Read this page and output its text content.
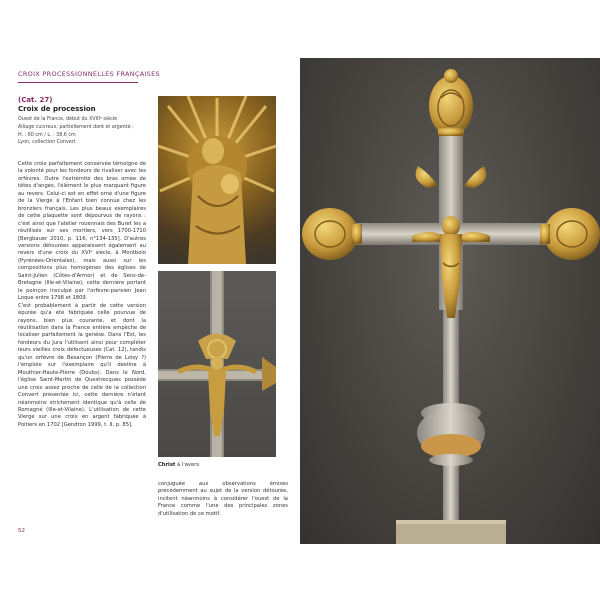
CROIX PROCESSIONNELLES FRANÇAISES
(Cat. 27)
Croix de procession
Ouest de la France, début du XVIIIᵉ siècle
Alliage cuivreux, partiellement doré et argenté ;
H. : 60 cm / L. : 38,6 cm
Lyon, collection Convert

Cette croix parfaitement conservée témoigne de la volonté pour les fondeurs de rivaliser avec les orfèvres. Outre l'extrémité des bras ornée de têtes d'anges, l'élément le plus marquant figure au revers. Celui-ci est en effet orné d'une figure de la Vierge à l'Enfant bien connue chez les bronziers français. Les plus beaux exemplaires de cette plaquette sont dépourvus de rayons : c'est ainsi que l'atelier rouennais des Buret les a réutilisés sur ses mortiers, vers 1700-1710 [Bergbauer 2010, p. 116, n°134-135]. D'autres versions détourées apparaissent également au revers d'une croix du XVIᵉ siècle, à Montbolo (Pyrénées-Orientales), mais aussi sur les compositions plus homogènes des églises de Saint-Julien (Côtes-d'Armor) et de Sens-de-Bretagne (Ille-et-Vilaine), cette dernière portant le poinçon insculpé par l'orfèvre-parisien Jean Loque entre 1798 et 1809.

C'est probablement à partir de cette version épurée qu'a été fabriquée celle pourvue de rayons, bien plus courante, et dont la réutilisation dans la France entière empêche de localiser parfaitement la genèse. Dans l'Est, les fondeurs du Jura l'utilisent ainsi pour compléter leurs vieilles croix défectueuses (Cat. 12), tandis qu'un orfèvre de Besançon (Pierre de Loisy ?) l'emploie sur l'exemplaire qu'il destine à Mouthier-Haute-Pierre (Doubs). Dans le Nord, l'église Saint-Martin de Questrecques possède une croix assez proche de celle de la collection Convert présentée ici, cette dernière n'étant néanmoins strictement identique qu'à celle de Romagné (Ille-et-Vilaine). L'utilisation de cette Vierge sur une croix en argent fabriquée à Poitiers en 1702 [Gendron 1999, t. II, p. 85],

Christ à l'avers

conjuguée aux observations émises précédemment au sujet de la version détourée, incitent néanmoins à considérer l'ouest de la France comme l'une des principales zones d'utilisation de ce motif.

52
